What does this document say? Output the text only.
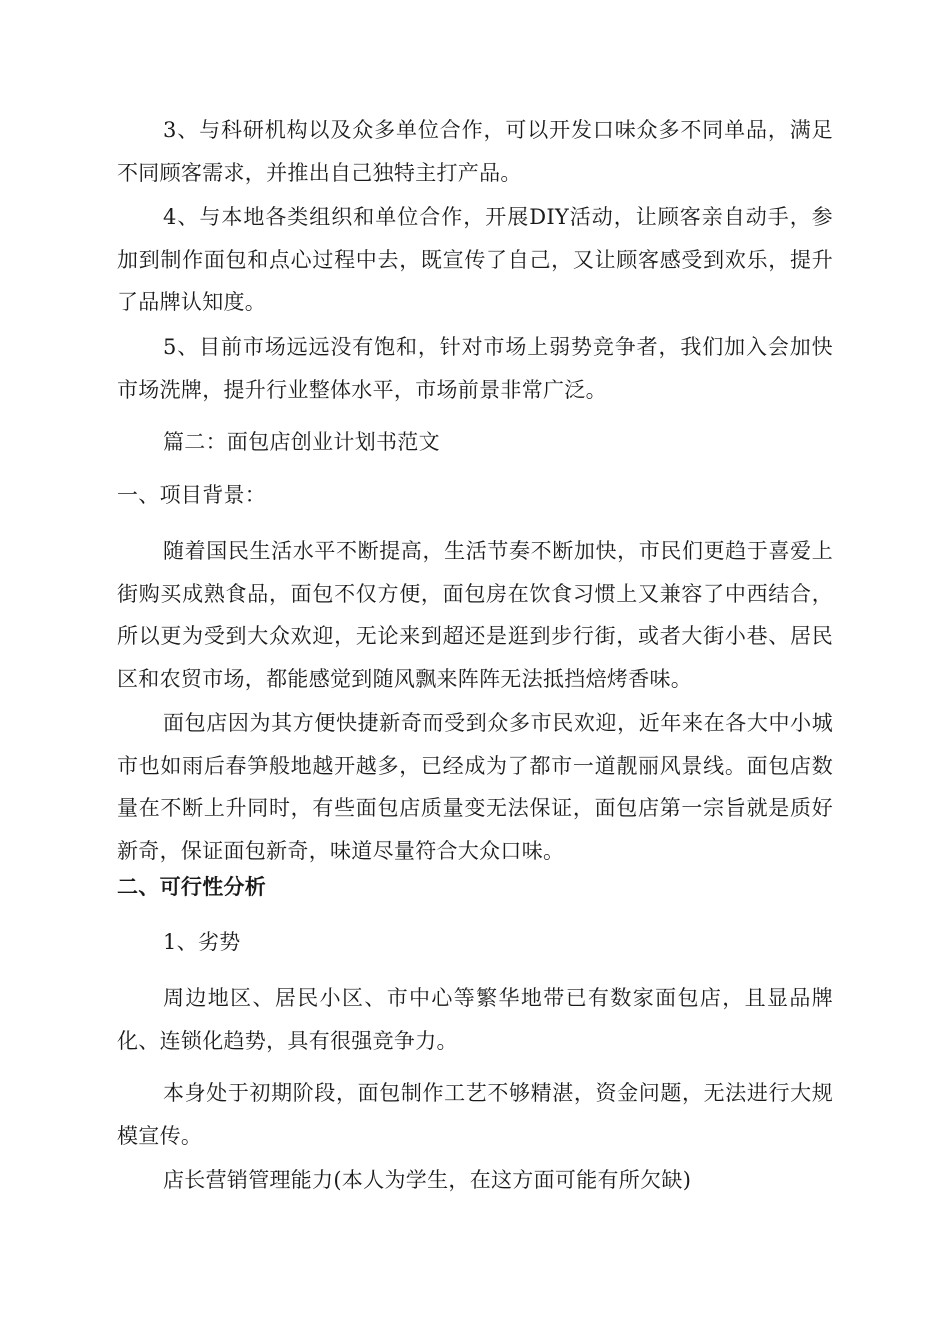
3、与科研机构以及众多单位合作，可以开发口味众多不同单品，满足不同顾客需求，并推出自己独特主打产品。

4、与本地各类组织和单位合作，开展DIY活动，让顾客亲自动手，参加到制作面包和点心过程中去，既宣传了自己，又让顾客感受到欢乐，提升了品牌认知度。

5、目前市场远远没有饱和，针对市场上弱势竞争者，我们加入会加快市场洗牌，提升行业整体水平，市场前景非常广泛。

篇二：面包店创业计划书范文

一、项目背景：

随着国民生活水平不断提高，生活节奏不断加快，市民们更趋于喜爱上街购买成熟食品，面包不仅方便，面包房在饮食习惯上又兼容了中西结合，所以更为受到大众欢迎，无论来到超还是逛到步行街，或者大街小巷、居民区和农贸市场，都能感觉到随风飘来阵阵无法抵挡焙烤香味。

面包店因为其方便快捷新奇而受到众多市民欢迎，近年来在各大中小城市也如雨后春笋般地越开越多，已经成为了都市一道靓丽风景线。面包店数量在不断上升同时，有些面包店质量变无法保证，面包店第一宗旨就是质好新奇，保证面包新奇，味道尽量符合大众口味。

二、可行性分析

1、劣势

周边地区、居民小区、市中心等繁华地带已有数家面包店，且显品牌化、连锁化趋势，具有很强竞争力。

本身处于初期阶段，面包制作工艺不够精湛，资金问题，无法进行大规模宣传。

店长营销管理能力(本人为学生，在这方面可能有所欠缺)
